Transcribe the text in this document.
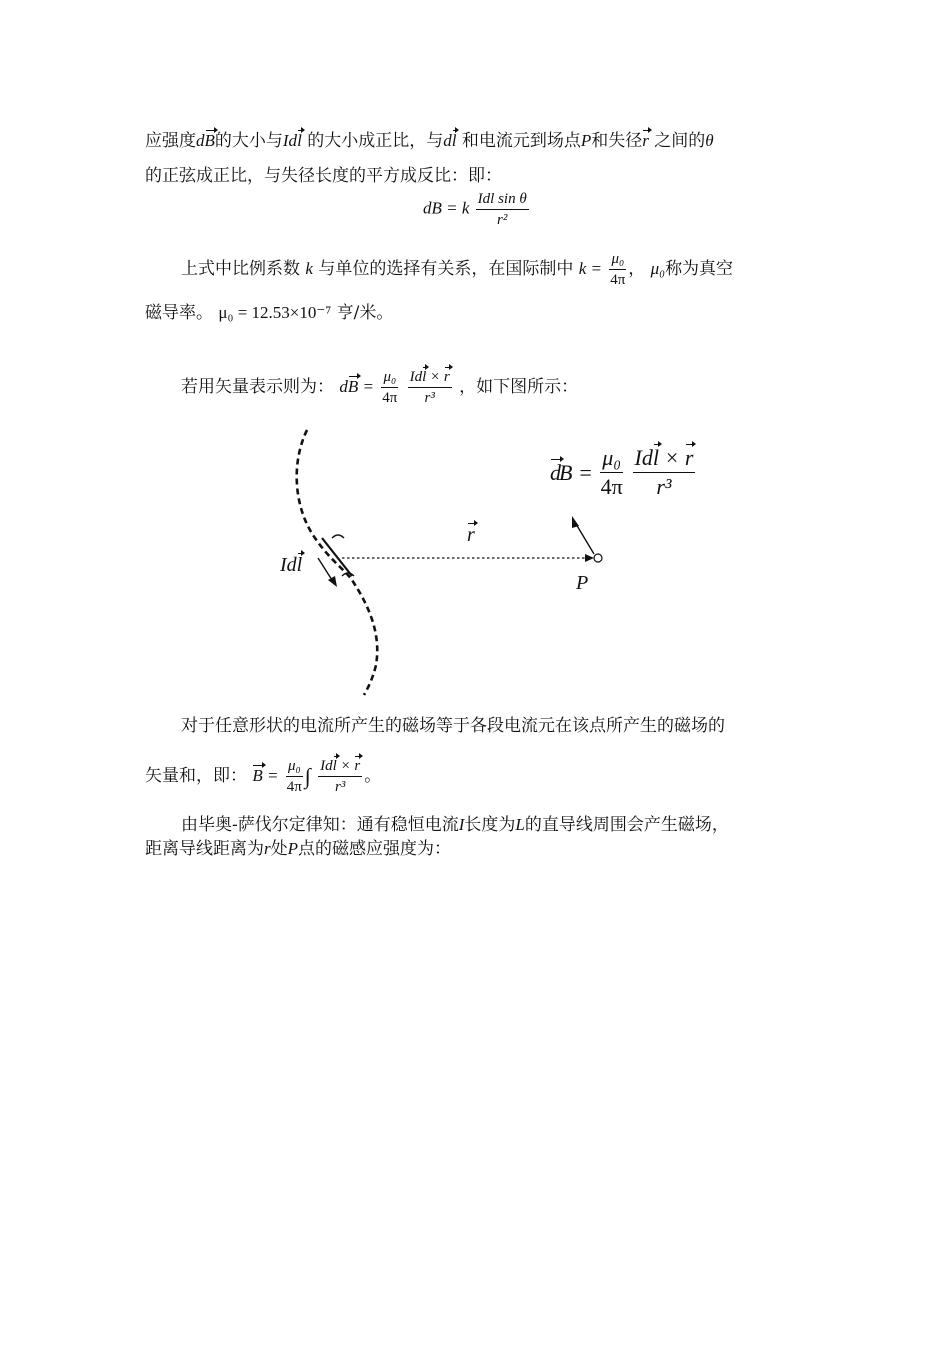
应强度dB的大小与Idl 的大小成正比，与dl 和电流元到场点P和失径r 之间的θ
的正弦成正比，与失径长度的平方成反比：即：
dB = k $\frac{\text{Idl sin θ}}{\text{r²}}$
上式中比例系数 k 与单位的选择有关系，在国际制中 $k = \frac{\text{μ₀}}{4\pi}$ ， μ₀称为真空
磁导率。 μ₀ = 12.53×10⁻⁷ 亨/米。
若用矢量表示则为： dB = $\frac{\text{μ₀}}{4\pi}$
$\frac{\text{Idl × r}}{\text{r³}}$ ，如下图所示：
dB = $\frac{\text{μ₀}}{4\pi}$
$\frac{\text{Idl × r}}{\text{r³}}$
r
Idl
P
对于任意形状的电流所产生的磁场等于各段电流元在该点所产生的磁场的
矢量和，即： $B = \frac{\text{μ₀}}{4\pi}$ ∫ $\frac{\text{Idl × r}}{\text{r³}}$ 。
由毕奥-萨伐尔定律知：通有稳恒电流I长度为L的直导线周围会产生磁场，
距离导线距离为r处P点的磁感应强度为：
